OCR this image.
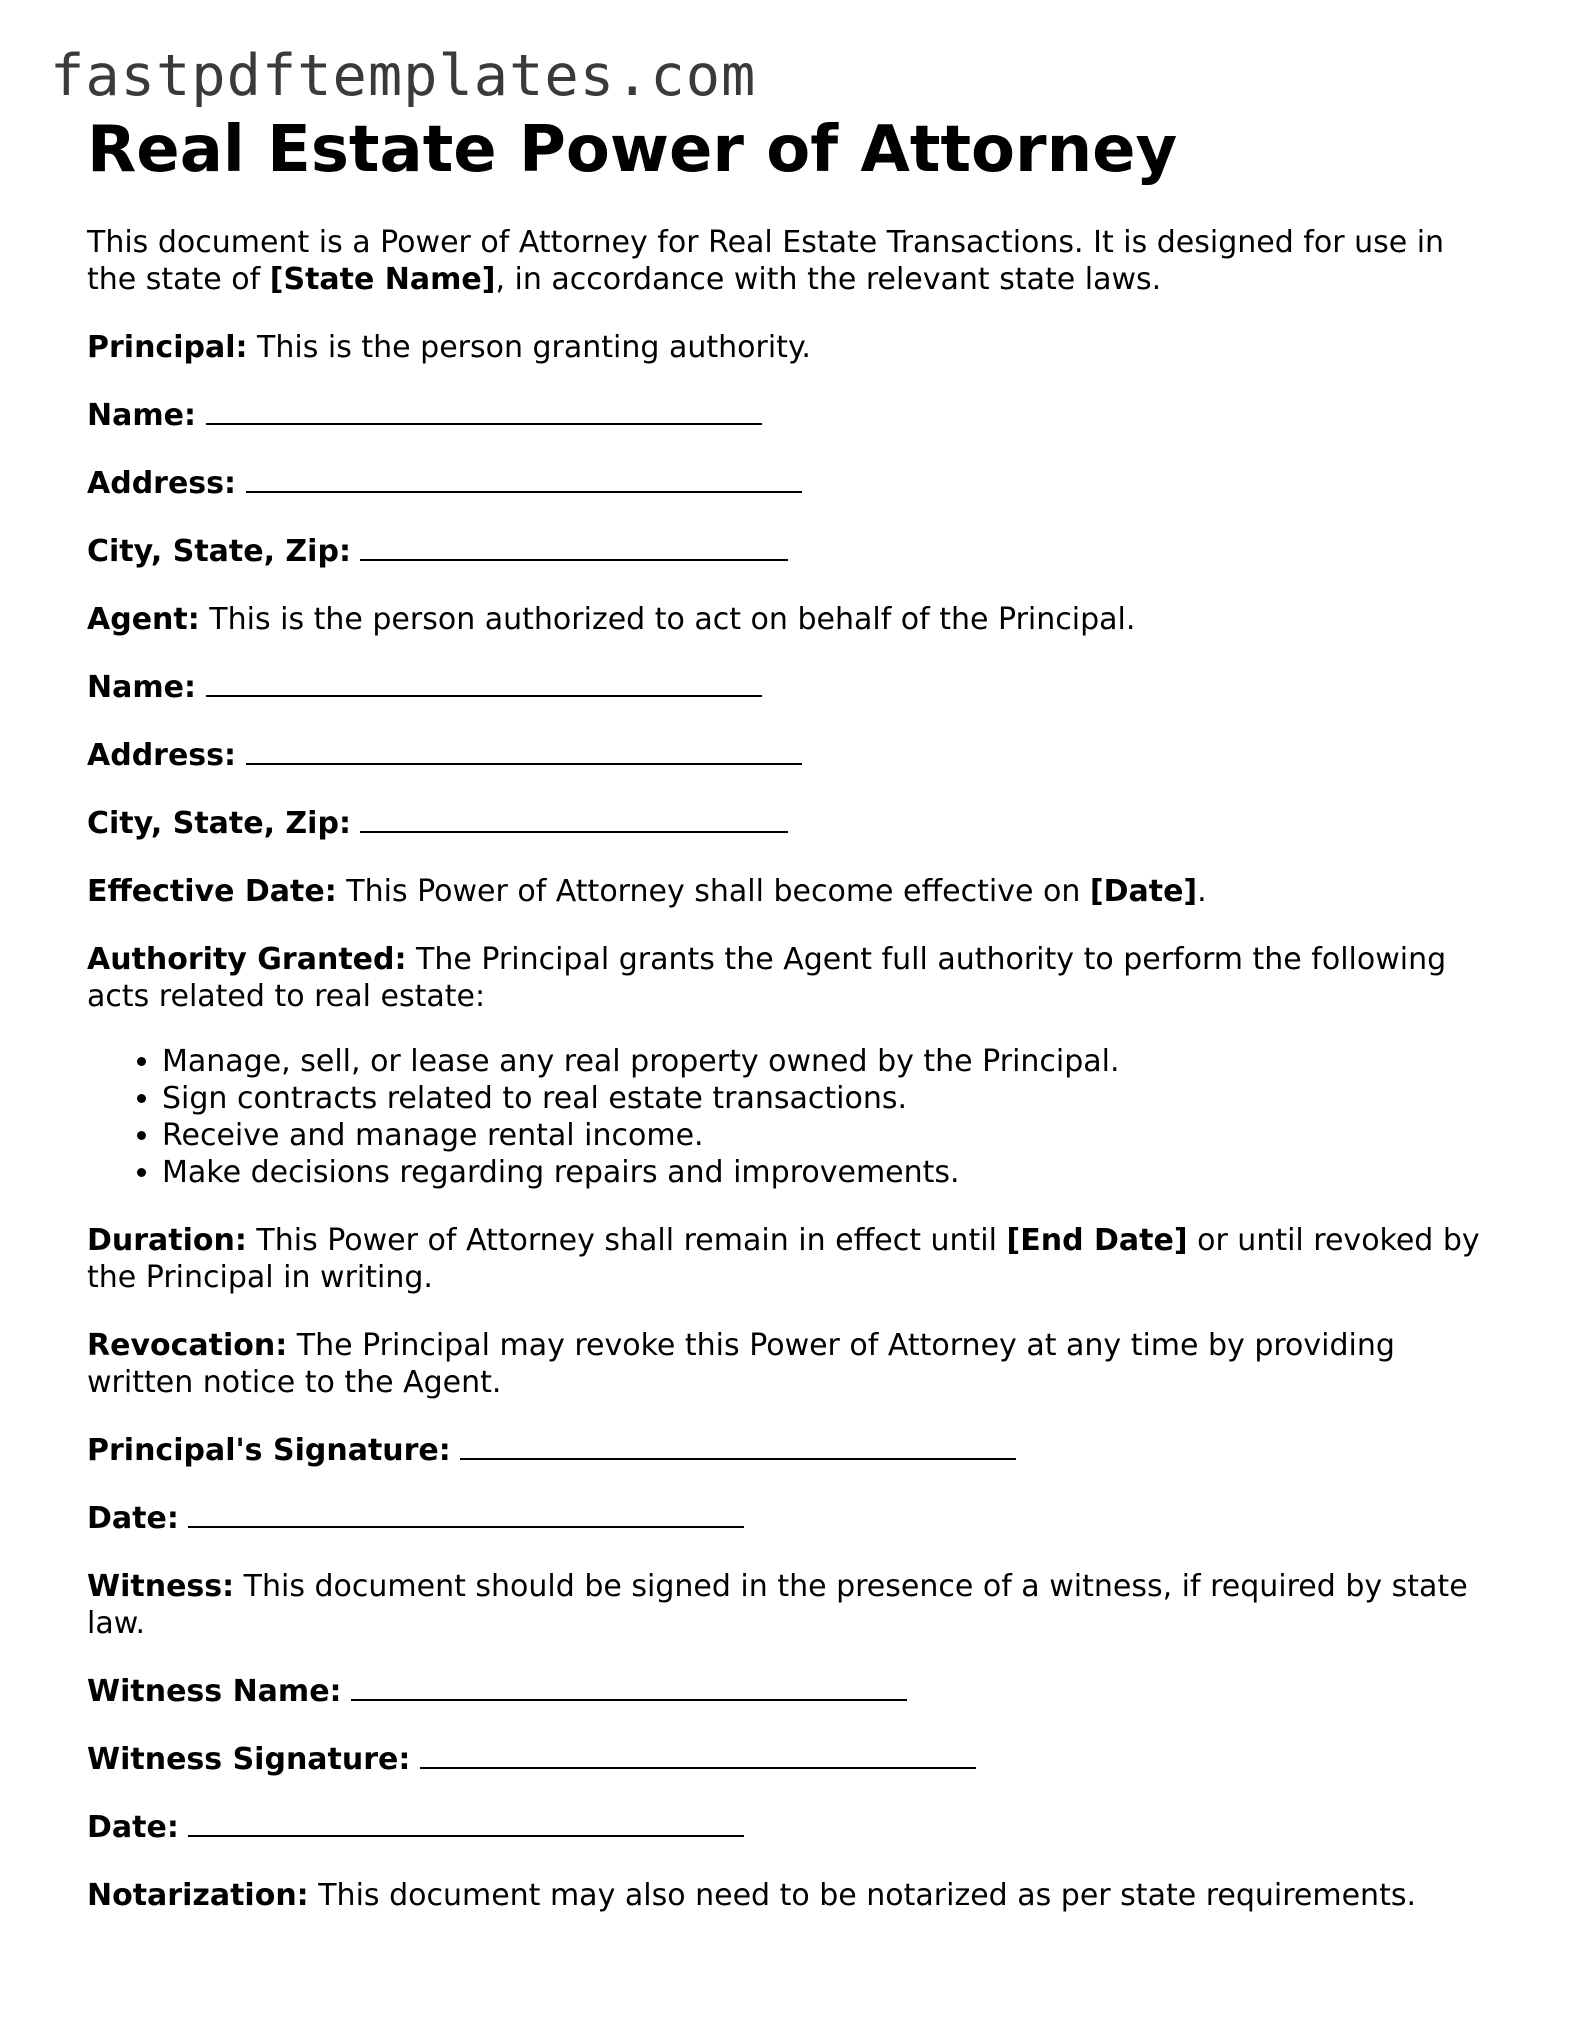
fastpdftemplates.com
Real Estate Power of Attorney

This document is a Power of Attorney for Real Estate Transactions. It is designed for use in the state of [State Name], in accordance with the relevant state laws.

Principal: This is the person granting authority.

Name:

Address:

City, State, Zip:

Agent: This is the person authorized to act on behalf of the Principal.

Name:

Address:

City, State, Zip:

Effective Date: This Power of Attorney shall become effective on [Date].

Authority Granted: The Principal grants the Agent full authority to perform the following acts related to real estate:

• Manage, sell, or lease any real property owned by the Principal.
• Sign contracts related to real estate transactions.
• Receive and manage rental income.
• Make decisions regarding repairs and improvements.

Duration: This Power of Attorney shall remain in effect until [End Date] or until revoked by the Principal in writing.

Revocation: The Principal may revoke this Power of Attorney at any time by providing written notice to the Agent.

Principal's Signature:

Date:

Witness: This document should be signed in the presence of a witness, if required by state law.

Witness Name:

Witness Signature:

Date:

Notarization: This document may also need to be notarized as per state requirements.
